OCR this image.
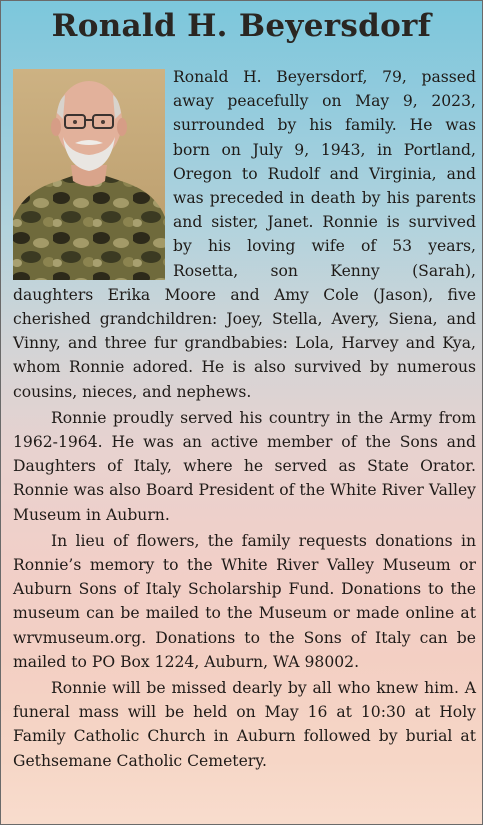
Ronald H. Beyersdorf

Ronald H. Beyersdorf, 79, passed away peacefully on May 9, 2023, surrounded by his family. He was born on July 9, 1943, in Portland, Oregon to Rudolf and Virginia, and was preceded in death by his parents and sister, Janet. Ronnie is survived by his loving wife of 53 years, Rosetta, son Kenny (Sarah), daughters Erika Moore and Amy Cole (Jason), five cherished grandchildren: Joey, Stella, Avery, Siena, and Vinny, and three fur grandbabies: Lola, Harvey and Kya, whom Ronnie adored. He is also survived by numerous cousins, nieces, and nephews.

Ronnie proudly served his country in the Army from 1962-1964. He was an active member of the Sons and Daughters of Italy, where he served as State Orator. Ronnie was also Board President of the White River Valley Museum in Auburn.

In lieu of flowers, the family requests donations in Ronnie’s memory to the White River Valley Museum or Auburn Sons of Italy Scholarship Fund. Donations to the museum can be mailed to the Museum or made online at wrvmuseum.org. Donations to the Sons of Italy can be mailed to PO Box 1224, Auburn, WA 98002.

Ronnie will be missed dearly by all who knew him. A funeral mass will be held on May 16 at 10:30 at Holy Family Catholic Church in Auburn followed by burial at Gethsemane Catholic Cemetery.
